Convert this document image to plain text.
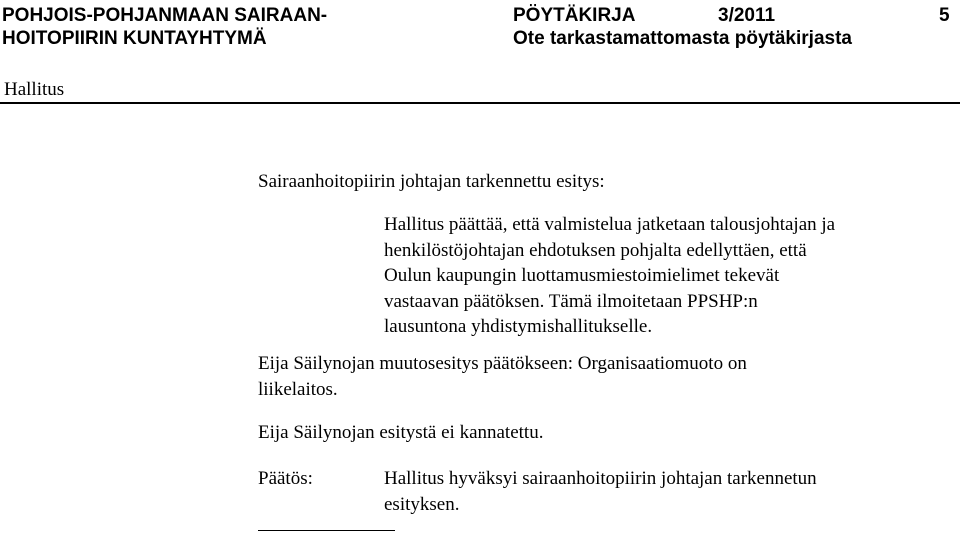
POHJOIS-POHJANMAAN SAIRAAN-
HOITOPIIRIN KUNTAYHTYMÄ
PÖYTÄKIRJA	3/2011	5
Ote tarkastamattomasta pöytäkirjasta
Hallitus
Sairaanhoitopiirin johtajan tarkennettu esitys:
Hallitus päättää, että valmistelua jatketaan talousjohtajan ja
henkilöstöjohtajan ehdotuksen pohjalta edellyttäen, että
Oulun kaupungin luottamusmiestoimielimet tekevät
vastaavan päätöksen. Tämä ilmoitetaan PPSHP:n
lausuntona yhdistymishallitukselle.
Eija Säilynojan muutosesitys päätökseen: Organisaatiomuoto on
liikelaitos.
Eija Säilynojan esitystä ei kannatettu.
Päätös:	Hallitus hyväksyi sairaanhoitopiirin johtajan tarkennetun
esityksen.
